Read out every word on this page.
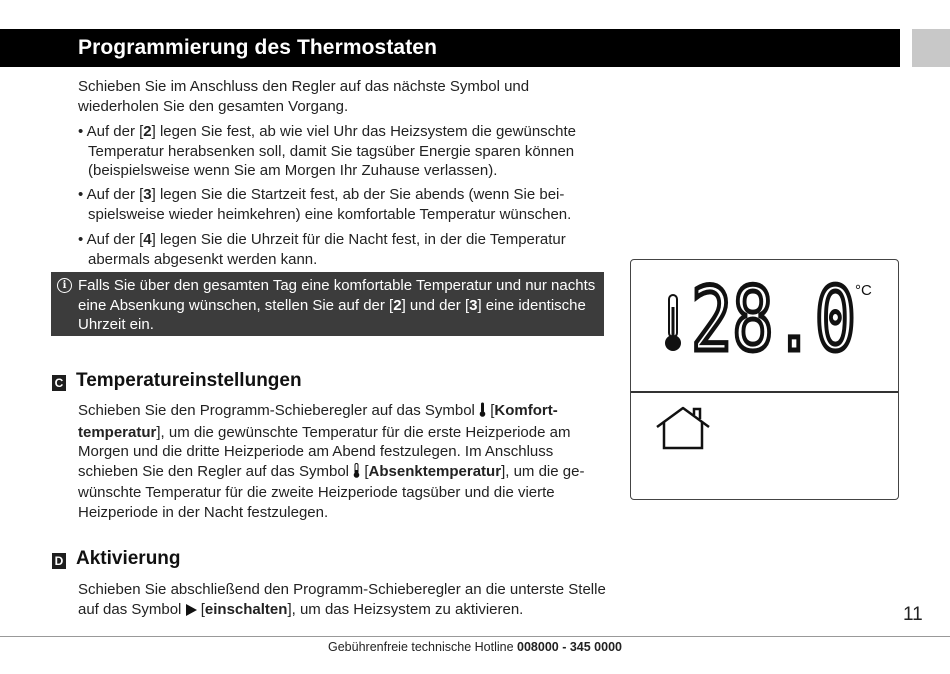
Programmierung des Thermostaten

Schieben Sie im Anschluss den Regler auf das nächste Symbol und wiederholen Sie den gesamten Vorgang.

• Auf der [2] legen Sie fest, ab wie viel Uhr das Heizsystem die gewünschte Temperatur herabsenken soll, damit Sie tagsüber Energie sparen können (beispielsweise wenn Sie am Morgen Ihr Zuhause verlassen).

• Auf der [3] legen Sie die Startzeit fest, ab der Sie abends (wenn Sie bei-spielsweise wieder heimkehren) eine komfortable Temperatur wünschen.

• Auf der [4] legen Sie die Uhrzeit für die Nacht fest, in der die Temperatur abermals abgesenkt werden kann.

i Falls Sie über den gesamten Tag eine komfortable Temperatur und nur nachts eine Absenkung wünschen, stellen Sie auf der [2] und der [3] eine identische Uhrzeit ein.

C Temperatureinstellungen

Schieben Sie den Programm-Schieberegler auf das Symbol  [Komfort-temperatur], um die gewünschte Temperatur für die erste Heizperiode am Morgen und die dritte Heizperiode am Abend festzulegen. Im Anschluss schieben Sie den Regler auf das Symbol  [Absenktemperatur], um die ge-wünschte Temperatur für die zweite Heizperiode tagsüber und die vierte Heizperiode in der Nacht festzulegen.

D Aktivierung

Schieben Sie abschließend den Programm-Schieberegler an die unterste Stelle auf das Symbol  [einschalten], um das Heizsystem zu aktivieren.

28.0 °C
11
Gebührenfreie technische Hotline 008000 - 345 0000
